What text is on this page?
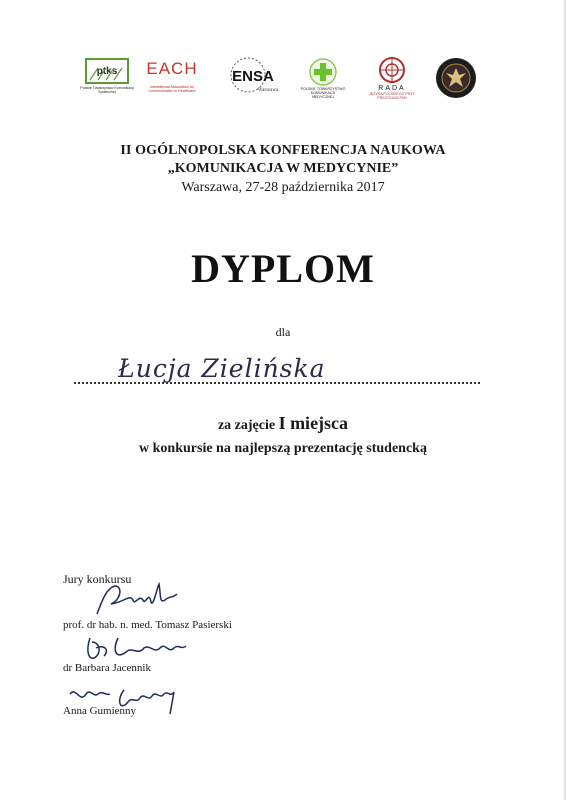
ptks
Polskie Towarzystwo Komunikacji Społecznej
EACH
International Association for Communication in Healthcare
ENSA
Warszawa	POLSKIE TOWARZYSTWO KOMUNIKACJI MEDYCZNEJ
RADA
JĘZYKA POLSKIEGO PRZY PREZYDIUM PAN
II OGÓLNOPOLSKA KONFERENCJA NAUKOWA
„KOMUNIKACJA W MEDYCYNIE”
Warszawa, 27-28 października 2017
DYPLOM
dla
Łucja Zielińska
za zajęcie I miejsca
w konkursie na najlepszą prezentację studencką
Jury konkursu
prof. dr hab. n. med. Tomasz Pasierski
dr Barbara Jacennik
Anna Gumienny
